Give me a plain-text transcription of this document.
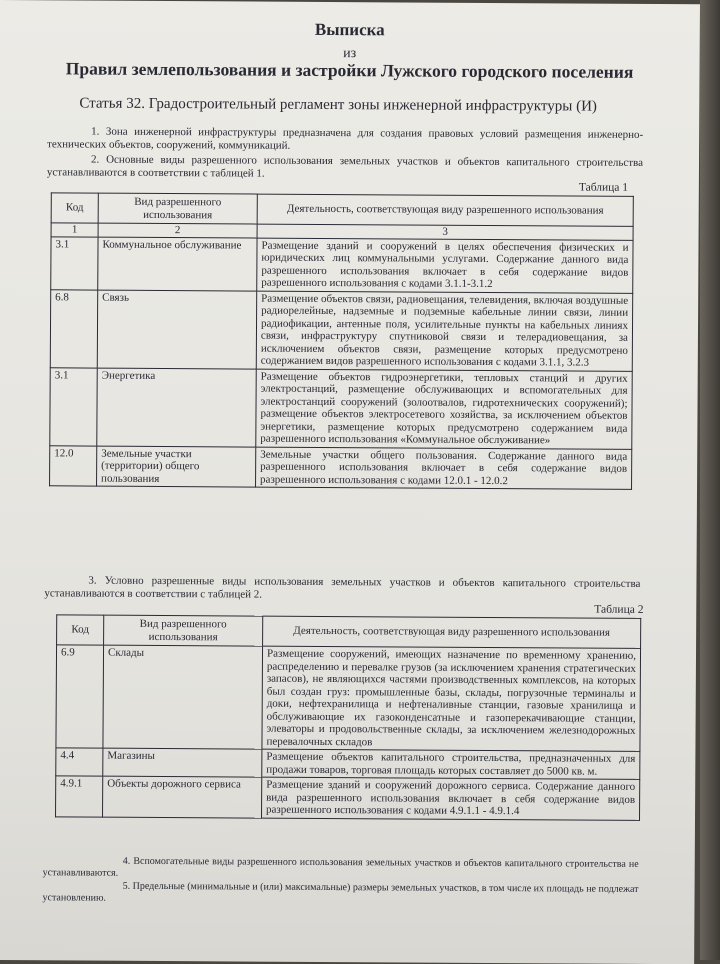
Выписка
из
Правил землепользования и застройки Лужского городского поселения
Статья 32. Градостроительный регламент зоны инженерной инфраструктуры (И)
1. Зона инженерной инфраструктуры предназначена для создания правовых условий размещения инженерно-технических объектов, сооружений, коммуникаций.
2. Основные виды разрешенного использования земельных участков и объектов капитального строительства устанавливаются в соответствии с таблицей 1.
Таблица 1
Код	Вид разрешенного использования	Деятельность, соответствующая виду разрешенного использования
1	2	3
3.1	Коммунальное обслуживание	Размещение зданий и сооружений в целях обеспечения физических и юридических лиц коммунальными услугами. Содержание данного вида разрешенного использования включает в себя содержание видов разрешенного использования с кодами 3.1.1-3.1.2
6.8	Связь	Размещение объектов связи, радиовещания, телевидения, включая воздушные радиорелейные, надземные и подземные кабельные линии связи, линии радиофикации, антенные поля, усилительные пункты на кабельных линиях связи, инфраструктуру спутниковой связи и телерадиовещания, за исключением объектов связи, размещение которых предусмотрено содержанием видов разрешенного использования с кодами 3.1.1, 3.2.3
3.1	Энергетика	Размещение объектов гидроэнергетики, тепловых станций и других электростанций, размещение обслуживающих и вспомогательных для электростанций сооружений (золоотвалов, гидротехнических сооружений); размещение объектов электросетевого хозяйства, за исключением объектов энергетики, размещение которых предусмотрено содержанием вида разрешенного использования «Коммунальное обслуживание»
12.0	Земельные участки (территории) общего пользования	Земельные участки общего пользования. Содержание данного вида разрешенного использования включает в себя содержание видов разрешенного использования с кодами 12.0.1 - 12.0.2
3. Условно разрешенные виды использования земельных участков и объектов капитального строительства устанавливаются в соответствии с таблицей 2.
Таблица 2
Код	Вид разрешенного использования	Деятельность, соответствующая виду разрешенного использования
6.9	Склады	Размещение сооружений, имеющих назначение по временному хранению, распределению и перевалке грузов (за исключением хранения стратегических запасов), не являющихся частями производственных комплексов, на которых был создан груз: промышленные базы, склады, погрузочные терминалы и доки, нефтехранилища и нефтеналивные станции, газовые хранилища и обслуживающие их газоконденсатные и газоперекачивающие станции, элеваторы и продовольственные склады, за исключением железнодорожных перевалочных складов
4.4	Магазины	Размещение объектов капитального строительства, предназначенных для продажи товаров, торговая площадь которых составляет до 5000 кв. м.
4.9.1	Объекты дорожного сервиса	Размещение зданий и сооружений дорожного сервиса. Содержание данного вида разрешенного использования включает в себя содержание видов разрешенного использования с кодами 4.9.1.1 - 4.9.1.4
4. Вспомогательные виды разрешенного использования земельных участков и объектов капитального строительства не устанавливаются.
5. Предельные (минимальные и (или) максимальные) размеры земельных участков, в том числе их площадь не подлежат установлению.
